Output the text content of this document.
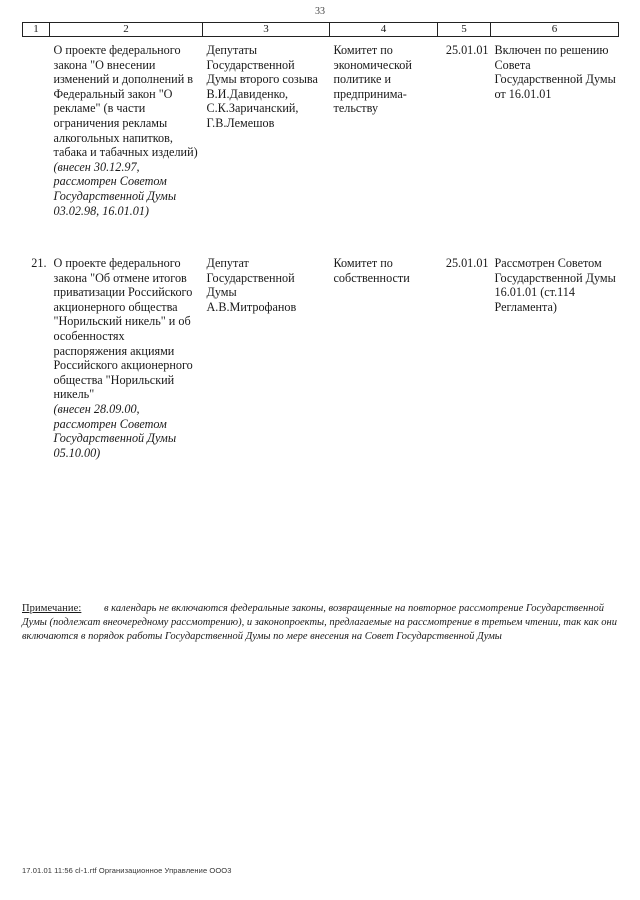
33
1	2	3	4	5	6

	О проекте федерального закона "О внесении изменений и дополнений в Федеральный закон "О рекламе" (в части ограничения рекламы алкогольных напитков, табака и табачных изделий)
(внесен 30.12.97, рассмотрен Советом Государственной Думы 03.02.98, 16.01.01)	Депутаты Государственной Думы второго созыва В.И.Давиденко, С.К.Заричанский, Г.В.Лемешов	Комитет по экономической политике и предпринима-тельству	25.01.01	Включен по решению Совета Государственной Думы от 16.01.01
21.	О проекте федерального закона "Об отмене итогов приватизации Российского акционерного общества "Норильский никель" и об особенностях распоряжения акциями Российского акционерного общества "Норильский никель"
(внесен 28.09.00, рассмотрен Советом Государственной Думы 05.10.00)	Депутат Государственной Думы А.В.Митрофанов	Комитет по собственности	25.01.01	Рассмотрен Советом Государственной Думы 16.01.01 (ст.114 Регламента)
Примечание:	в календарь не включаются федеральные законы, возвращенные на повторное рассмотрение Государственной Думы (подлежат внеочередному рассмотрению), и законопроекты, предлагаемые на рассмотрение в третьем чтении, так как они включаются в порядок работы Государственной Думы по мере внесения на Совет Государственной Думы
17.01.01 11:56 cl-1.rtf Организационное Управление ООО3
